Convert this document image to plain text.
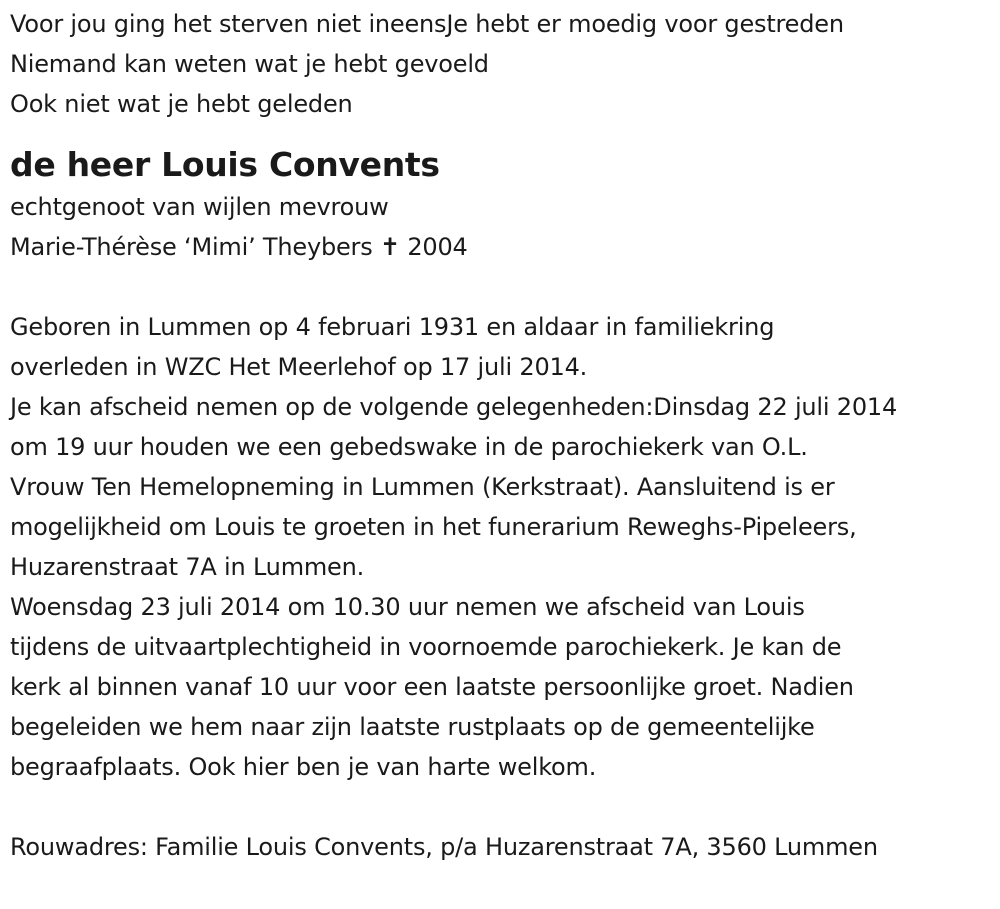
Voor jou ging het sterven niet ineensJe hebt er moedig voor gestreden
Niemand kan weten wat je hebt gevoeld
Ook niet wat je hebt geleden
de heer Louis Convents
echtgenoot van wijlen mevrouw
Marie-Thérèse ‘Mimi’ Theybers ✝ 2004
Geboren in Lummen op 4 februari 1931 en aldaar in familiekring
overleden in WZC Het Meerlehof op 17 juli 2014.
Je kan afscheid nemen op de volgende gelegenheden:Dinsdag 22 juli 2014
om 19 uur houden we een gebedswake in de parochiekerk van O.L.
Vrouw Ten Hemelopneming in Lummen (Kerkstraat). Aansluitend is er
mogelijkheid om Louis te groeten in het funerarium Reweghs-Pipeleers,
Huzarenstraat 7A in Lummen.
Woensdag 23 juli 2014 om 10.30 uur nemen we afscheid van Louis
tijdens de uitvaartplechtigheid in voornoemde parochiekerk. Je kan de
kerk al binnen vanaf 10 uur voor een laatste persoonlijke groet. Nadien
begeleiden we hem naar zijn laatste rustplaats op de gemeentelijke
begraafplaats. Ook hier ben je van harte welkom.
Rouwadres: Familie Louis Convents, p/a Huzarenstraat 7A, 3560 Lummen
